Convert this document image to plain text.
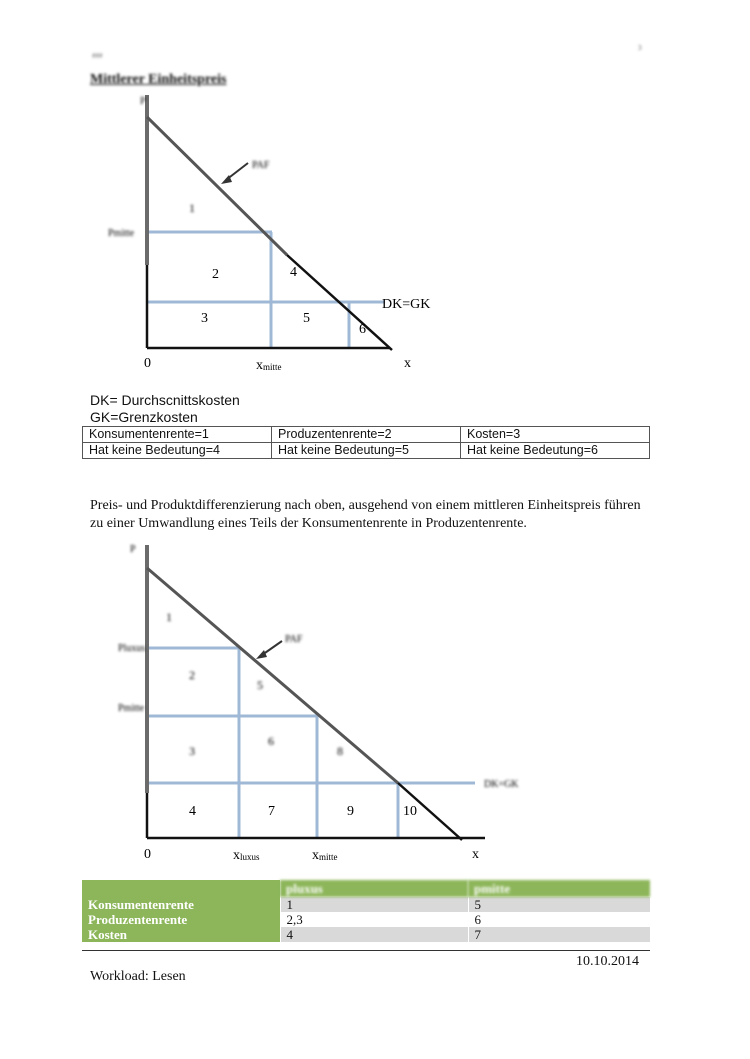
###
3
Mittlerer Einheitspreis
P
Pmitte
PAF
DK=GK
0	x
xmitte
1
2
3
4
5
6
DK= Durchscnittskosten
GK=Grenzkosten
Konsumentenrente=1	Produzentenrente=2	Kosten=3
Hat keine Bedeutung=4	Hat keine Bedeutung=5	Hat keine Bedeutung=6
Preis- und Produktdifferenzierung nach oben, ausgehend von einem mittleren Einheitspreis führen zu einer Umwandlung eines Teils der Konsumentenrente in Produzentenrente.
P
Pluxus
Pmitte
PAF
DK=GK
0	x
xluxus	xmitte
1
2
3
4
5
6
7
8
9	10
	pluxus	pmitte
Konsumentenrente	1	5
Produzentenrente	2,3	6
Kosten	4	7
10.10.2014
Workload: Lesen
